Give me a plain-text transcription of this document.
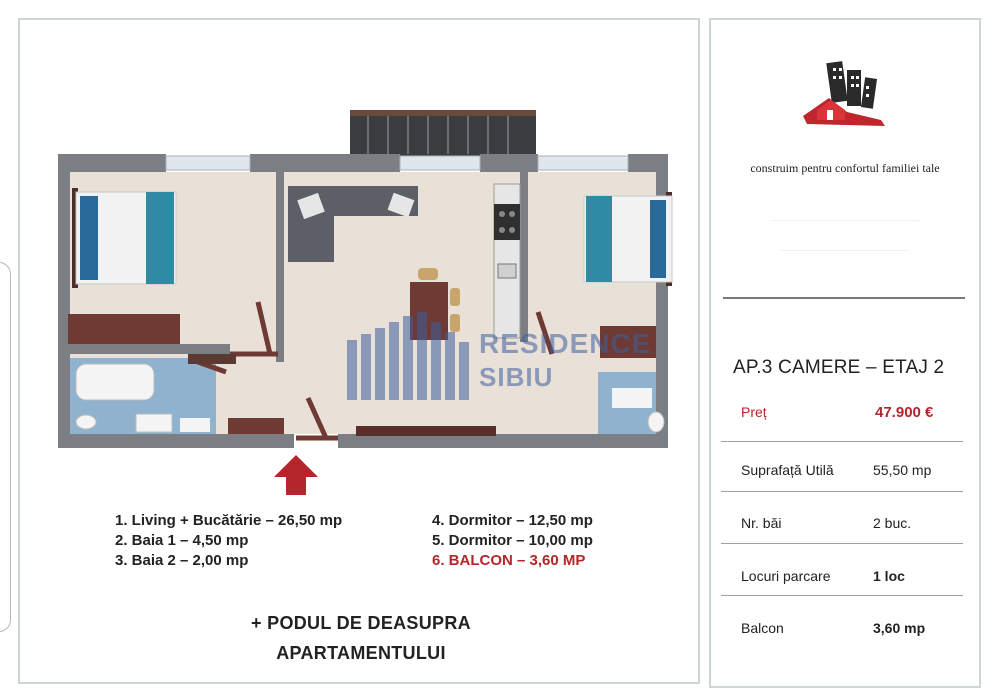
RESIDENCE
SIBIU
1. Living + Bucătărie – 26,50 mp
2. Baia 1 – 4,50 mp
3. Baia 2 – 2,00 mp
4. Dormitor – 12,50 mp
5. Dormitor – 10,00 mp
6. BALCON – 3,60 MP
+ PODUL DE DEASUPRA
APARTAMENTULUI
construim pentru confortul familiei tale
AP.3 CAMERE – ETAJ 2
Preț	47.900 €
Suprafață Utilă	55,50 mp
Nr. băi	2 buc.
Locuri parcare	1 loc
Balcon	3,60 mp
